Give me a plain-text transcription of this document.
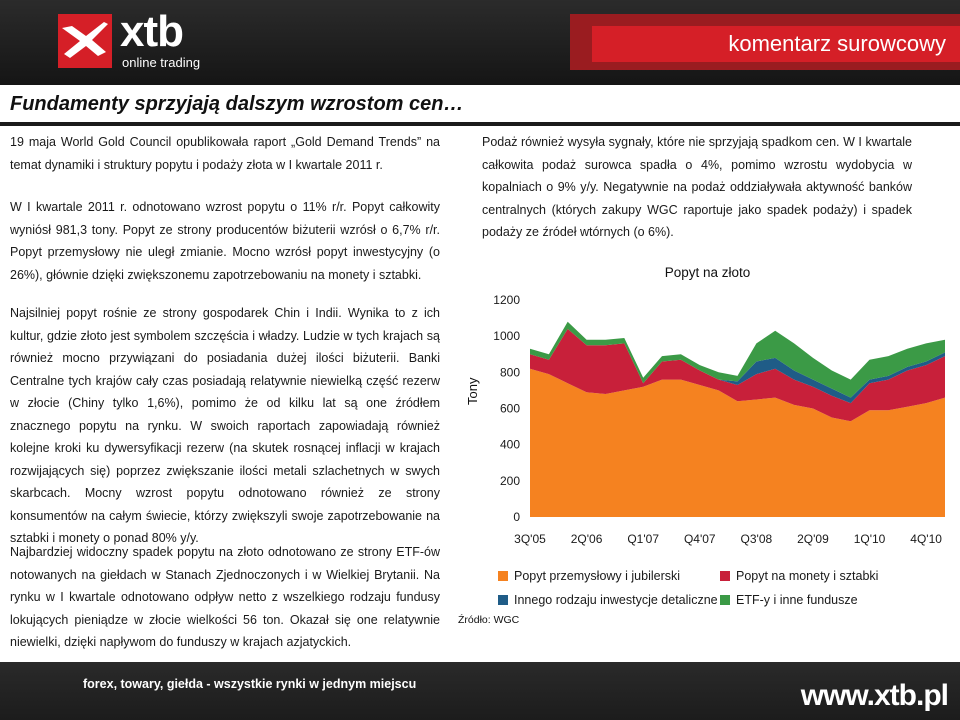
xtb
online trading
komentarz surowcowy
Fundamenty sprzyjają dalszym wzrostom cen…

19 maja World Gold Council opublikowała raport „Gold Demand Trends” na temat dynamiki i struktury popytu i podaży złota w I kwartale 2011 r.

W I kwartale 2011 r. odnotowano wzrost popytu o 11% r/r. Popyt całkowity wyniósł 981,3 tony. Popyt ze strony producentów biżuterii wzrósł o 6,7% r/r. Popyt przemysłowy nie uległ zmianie. Mocno wzrósł popyt inwestycyjny (o 26%), głównie dzięki zwiększonemu zapotrzebowaniu na monety i sztabki.

Najsilniej popyt rośnie ze strony gospodarek Chin i Indii. Wynika to z ich kultur, gdzie złoto jest symbolem szczęścia i władzy. Ludzie w tych krajach są również mocno przywiązani do posiadania dużej ilości biżuterii. Banki Centralne tych krajów cały czas posiadają relatywnie niewielką część rezerw w złocie (Chiny tylko 1,6%), pomimo że od kilku lat są one źródłem znacznego popytu na rynku. W swoich raportach zapowiadają również kolejne kroki ku dywersyfikacji rezerw (na skutek rosnącej inflacji w krajach rozwijających się) poprzez zwiększanie ilości metali szlachetnych w swych skarbcach. Mocny wzrost popytu odnotowano również ze strony konsumentów na całym świecie, którzy zwiększyli swoje zapotrzebowanie na sztabki i monety o ponad 80% y/y.

Najbardziej widoczny spadek popytu na złoto odnotowano ze strony ETF-ów notowanych na giełdach w Stanach Zjednoczonych i w Wielkiej Brytanii. Na rynku w I kwartale odnotowano odpływ netto z wszelkiego rodzaju fundusy lokujących pieniądze w złocie wielkości 56 ton. Okazał się one relatywnie niewielki, dzięki napływom do funduszy w krajach azjatyckich.

Podaż również wysyła sygnały, które nie sprzyjają spadkom cen. W I kwartale całkowita podaż surowca spadła o 4%, pomimo wzrostu wydobycia w kopalniach o 9% y/y. Negatywnie na podaż oddziaływała aktywność banków centralnych (których zakupy WGC raportuje jako spadek podaży) i spadek podaży ze źródeł wtórnych (o 6%).

Popyt na złoto
Tony
0
200
400
600
800
1000
1200
3Q'05 2Q'06 Q1'07 Q4'07 Q3'08 2Q'09 1Q'10 4Q'10
Popyt przemysłowy i jubilerski	Popyt na monety i sztabki
Innego rodzaju inwestycje detaliczne	ETF-y i inne fundusze
Źródło: WGC
forex, towary, giełda - wszystkie rynki w jednym miejscu	www.xtb.pl
